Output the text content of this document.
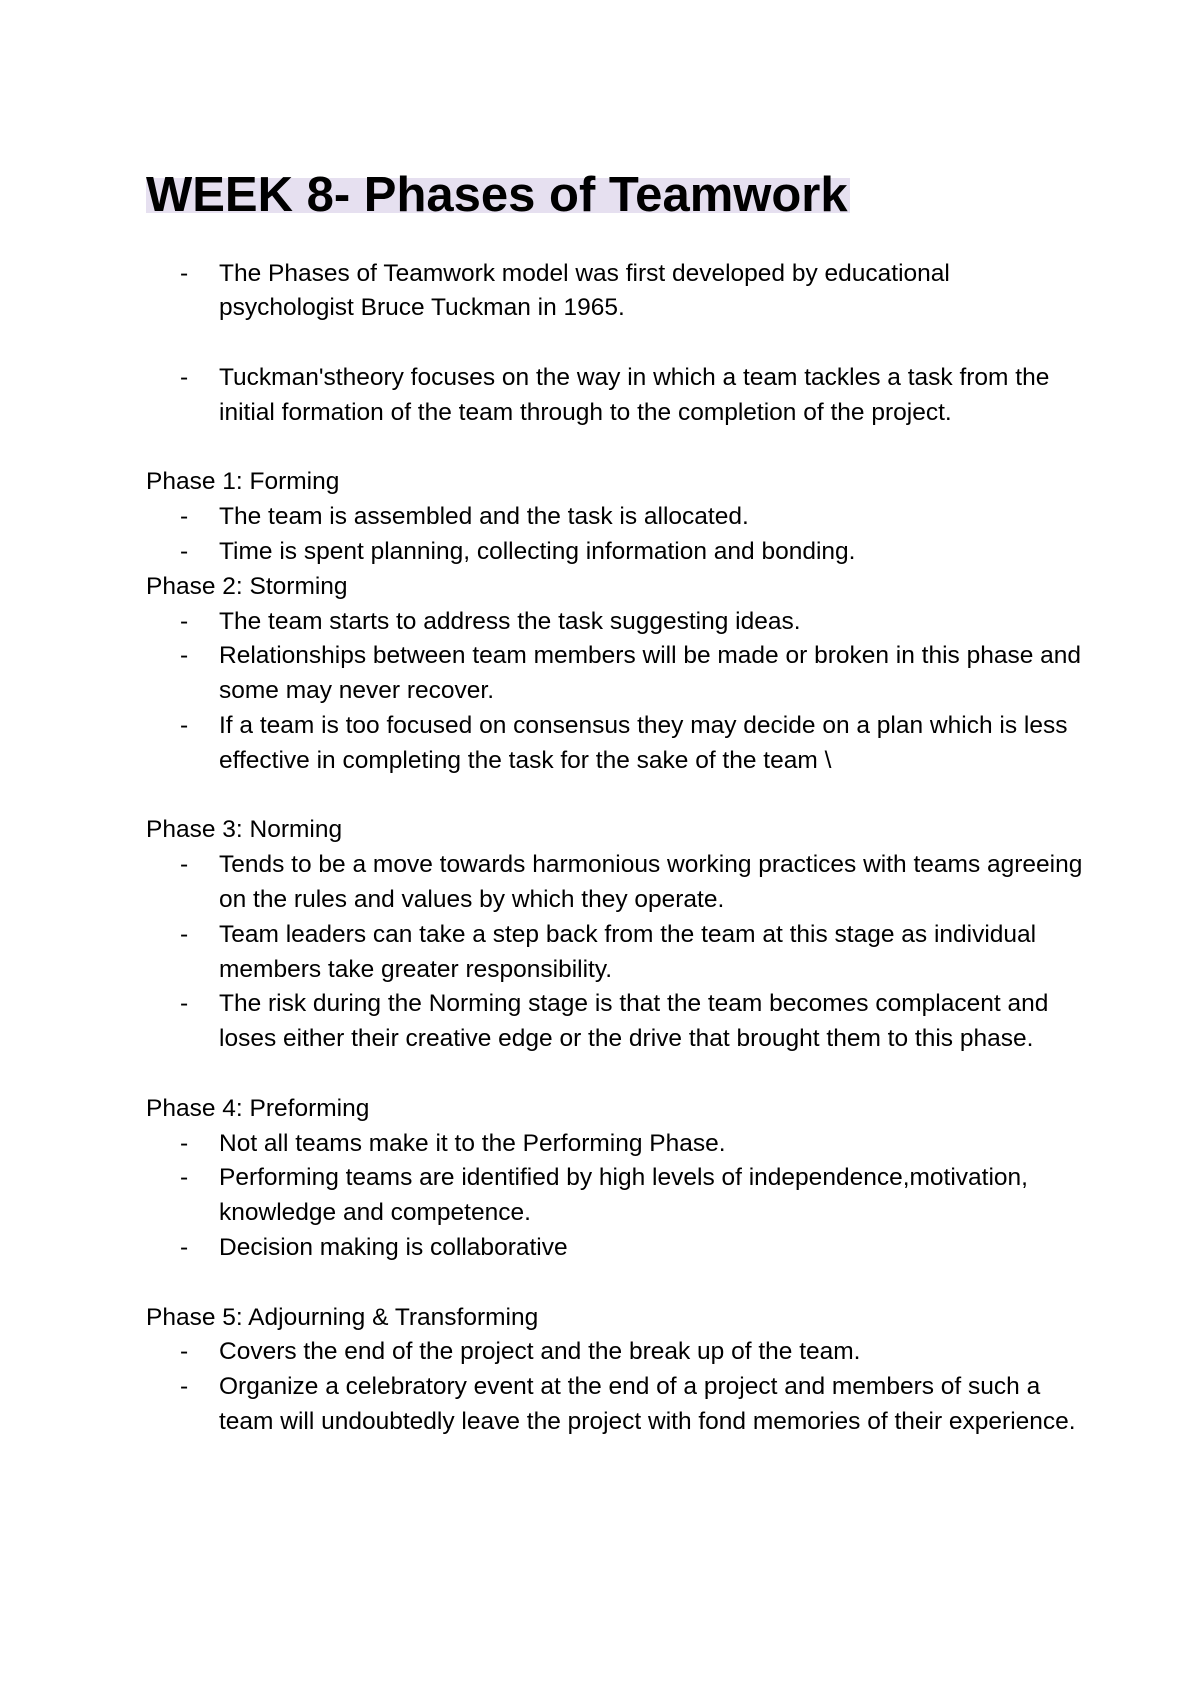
WEEK 8- Phases of Teamwork
- The Phases of Teamwork model was first developed by educational psychologist Bruce Tuckman in 1965.
- Tuckman'stheory focuses on the way in which a team tackles a task from the initial formation of the team through to the completion of the project.

Phase 1: Forming

- The team is assembled and the task is allocated.
- Time is spent planning, collecting information and bonding.

Phase 2: Storming

- The team starts to address the task suggesting ideas.
- Relationships between team members will be made or broken in this phase and some may never recover.
- If a team is too focused on consensus they may decide on a plan which is less effective in completing the task for the sake of the team \

Phase 3: Norming

- Tends to be a move towards harmonious working practices with teams agreeing on the rules and values by which they operate.
- Team leaders can take a step back from the team at this stage as individual members take greater responsibility.
- The risk during the Norming stage is that the team becomes complacent and loses either their creative edge or the drive that brought them to this phase.

Phase 4: Preforming

- Not all teams make it to the Performing Phase.
- Performing teams are identified by high levels of independence,motivation, knowledge and competence.
- Decision making is collaborative

Phase 5: Adjourning & Transforming

- Covers the end of the project and the break up of the team.
- Organize a celebratory event at the end of a project and members of such a team will undoubtedly leave the project with fond memories of their experience.
